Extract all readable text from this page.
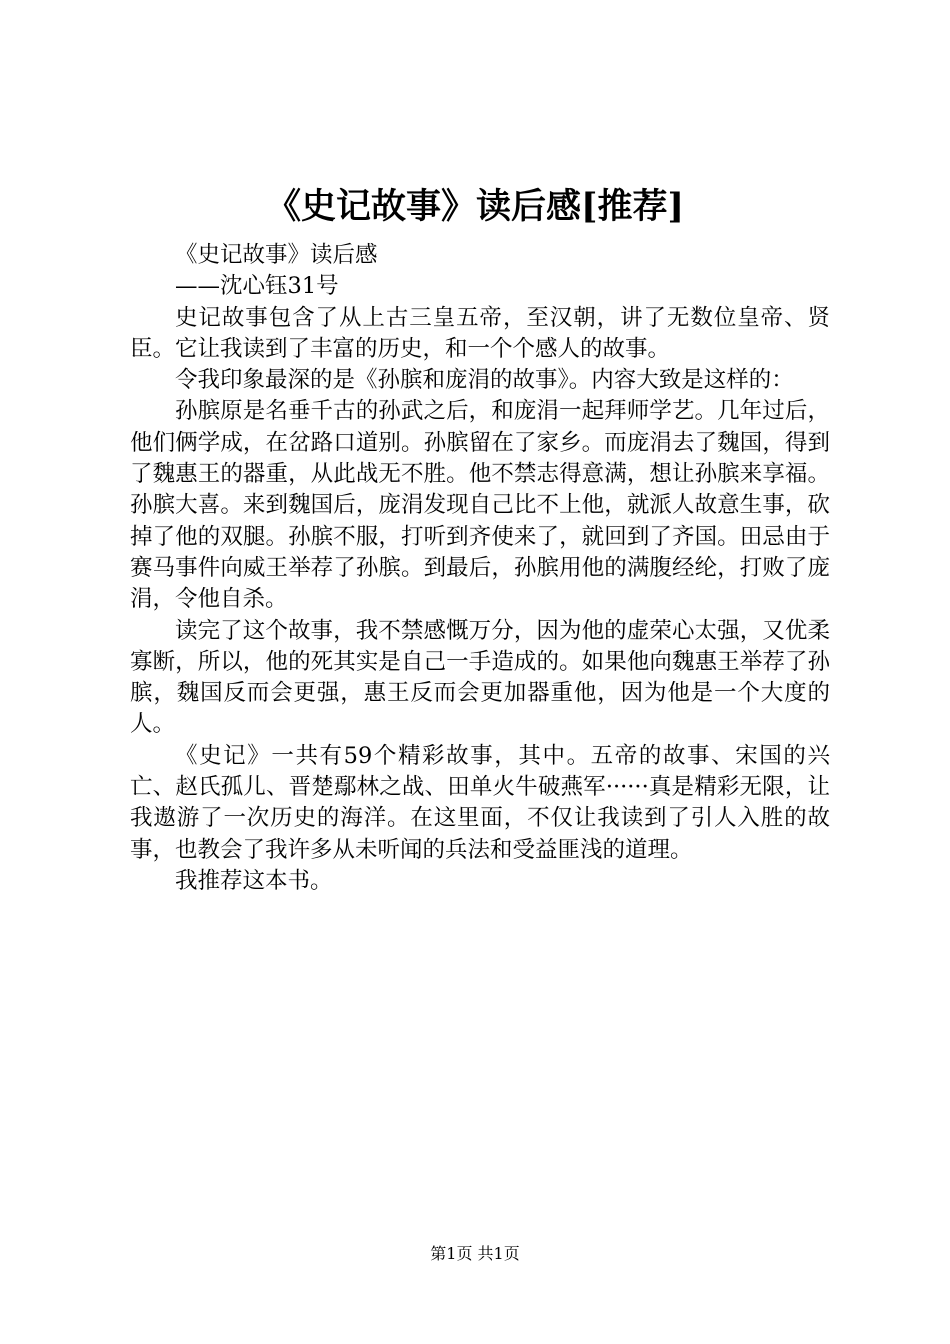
《史记故事》读后感[推荐]

《史记故事》读后感

——沈心钰31号

史记故事包含了从上古三皇五帝，至汉朝，讲了无数位皇帝、贤臣。它让我读到了丰富的历史，和一个个感人的故事。

令我印象最深的是《孙膑和庞涓的故事》。内容大致是这样的：

孙膑原是名垂千古的孙武之后，和庞涓一起拜师学艺。几年过后，他们俩学成，在岔路口道别。孙膑留在了家乡。而庞涓去了魏国，得到了魏惠王的器重，从此战无不胜。他不禁志得意满，想让孙膑来享福。孙膑大喜。来到魏国后，庞涓发现自己比不上他，就派人故意生事，砍掉了他的双腿。孙膑不服，打听到齐使来了，就回到了齐国。田忌由于赛马事件向威王举荐了孙膑。到最后，孙膑用他的满腹经纶，打败了庞涓，令他自杀。

读完了这个故事，我不禁感慨万分，因为他的虚荣心太强，又优柔寡断，所以，他的死其实是自己一手造成的。如果他向魏惠王举荐了孙膑，魏国反而会更强，惠王反而会更加器重他，因为他是一个大度的人。

《史记》一共有59个精彩故事，其中。五帝的故事、宋国的兴亡、赵氏孤儿、晋楚鄢林之战、田单火牛破燕军······真是精彩无限，让我遨游了一次历史的海洋。在这里面，不仅让我读到了引人入胜的故事，也教会了我许多从未听闻的兵法和受益匪浅的道理。

我推荐这本书。

第1页 共1页
